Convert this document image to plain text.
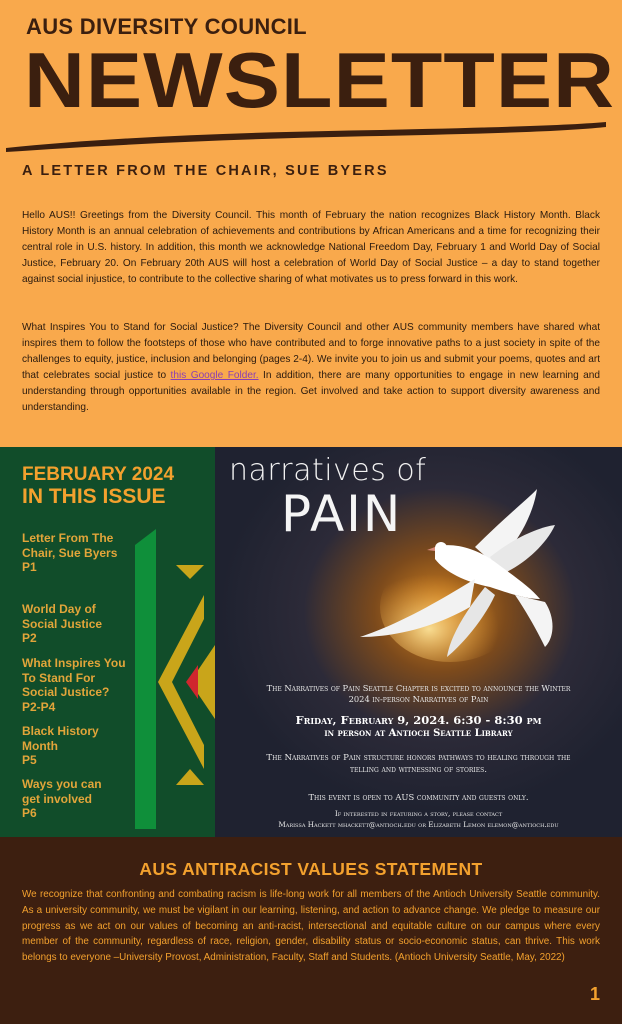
AUS DIVERSITY COUNCIL
NEWSLETTER
A LETTER FROM THE CHAIR, SUE BYERS
Hello AUS!! Greetings from the Diversity Council. This month of February the nation recognizes Black History Month. Black History Month is an annual celebration of achievements and contributions by African Americans and a time for recognizing their central role in U.S. history. In addition, this month we acknowledge National Freedom Day, February 1 and World Day of Social Justice, February 20. On February 20th AUS will host a celebration of World Day of Social Justice – a day to stand together against social injustice, to contribute to the collective sharing of what motivates us to press forward in this work.
What Inspires You to Stand for Social Justice? The Diversity Council and other AUS community members have shared what inspires them to follow the footsteps of those who have contributed and to forge innovative paths to a just society in spite of the challenges to equity, justice, inclusion and belonging (pages 2-4). We invite you to join us and submit your poems, quotes and art that celebrates social justice to this Google Folder. In addition, there are many opportunities to engage in new learning and understanding through opportunities available in the region. Get involved and take action to support diversity awareness and understanding.
FEBRUARY 2024
IN THIS ISSUE
Letter From The Chair, Sue Byers
P1
World Day of Social Justice
P2
What Inspires You To Stand For Social Justice?
P2-P4
Black History Month
P5
Ways you can get involved
P6
narratives of
PAIN
The Narratives of Pain Seattle Chapter is excited to announce the Winter 2024 in-person Narratives of Pain
Friday, February 9, 2024. 6:30 - 8:30 pm
in person at Antioch Seattle Library
The Narratives of Pain structure honors pathways to healing through the telling and witnessing of stories.
This event is open to AUS community and guests only.
If interested in featuring a story, please contact
Marissa Hackett mhackett@antioch.edu or Elizabeth Lemon elemon@antioch.edu
AUS ANTIRACIST VALUES STATEMENT
We recognize that confronting and combating racism is life-long work for all members of the Antioch University Seattle community. As a university community, we must be vigilant in our learning, listening, and action to advance change. We pledge to measure our progress as we act on our values of becoming an anti-racist, intersectional and equitable culture on our campus where every member of the community, regardless of race, religion, gender, disability status or socio-economic status, can thrive. This work belongs to everyone –University Provost, Administration, Faculty, Staff and Students. (Antioch University Seattle, May, 2022)
1
